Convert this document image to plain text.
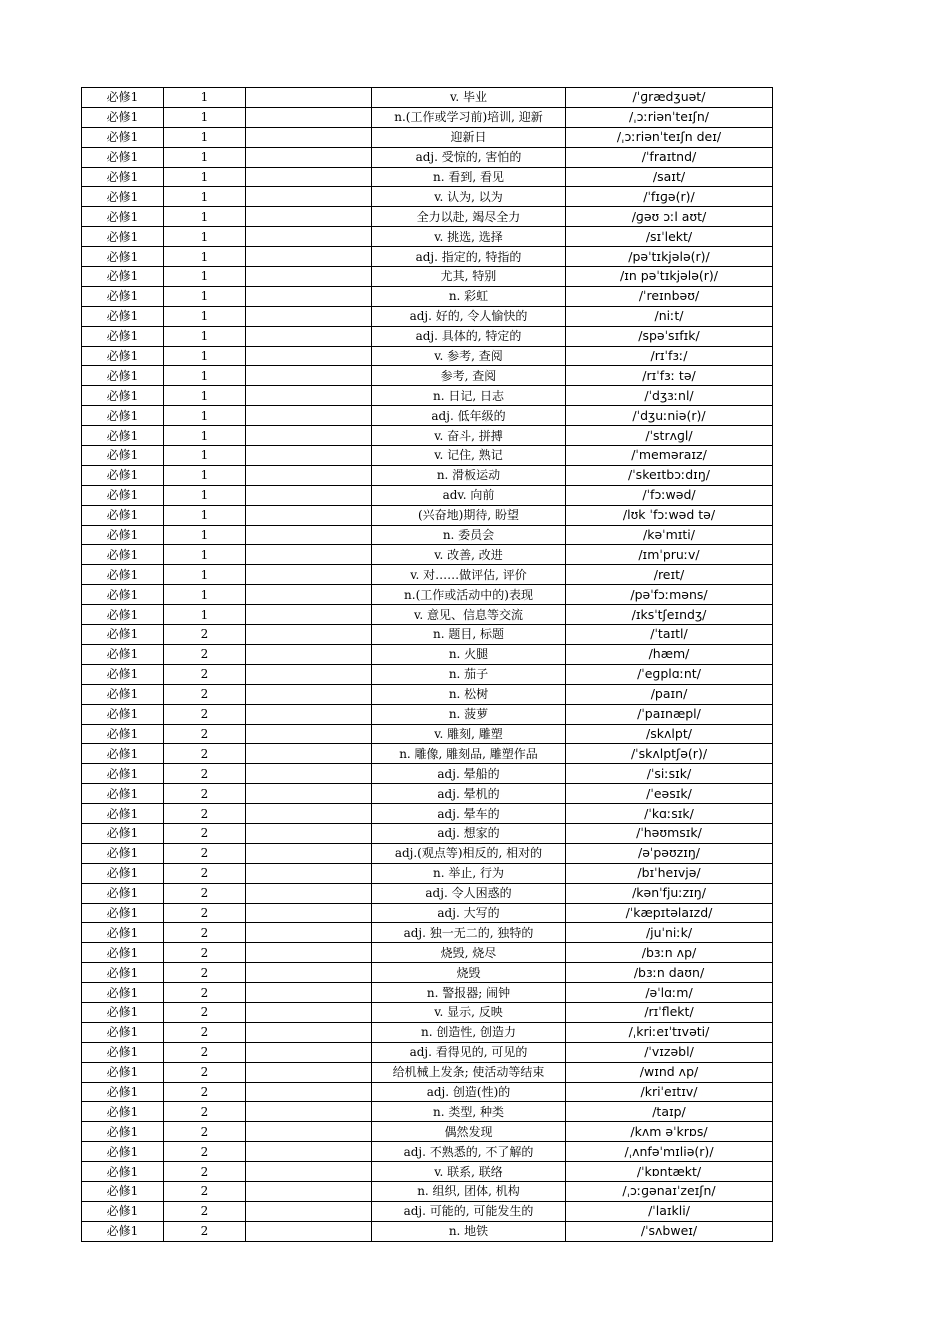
必修1	1		v. 毕业	/ˈɡrædʒuət/
必修1	1		n.(工作或学习前)培训, 迎新	/ˌɔːriənˈteɪʃn/
必修1	1		迎新日	/ˌɔːriənˈteɪʃn deɪ/
必修1	1		adj. 受惊的, 害怕的	/ˈfraɪtnd/
必修1	1		n. 看到, 看见	/saɪt/
必修1	1		v. 认为, 以为	/ˈfɪɡə(r)/
必修1	1		全力以赴, 竭尽全力	/ɡəʊ ɔːl aʊt/
必修1	1		v. 挑选, 选择	/sɪˈlekt/
必修1	1		adj. 指定的, 特指的	/pəˈtɪkjələ(r)/
必修1	1		尤其, 特别	/ɪn pəˈtɪkjələ(r)/
必修1	1		n. 彩虹	/ˈreɪnbəʊ/
必修1	1		adj. 好的, 令人愉快的	/niːt/
必修1	1		adj. 具体的, 特定的	/spəˈsɪfɪk/
必修1	1		v. 参考, 查阅	/rɪˈfɜː/
必修1	1		参考, 查阅	/rɪˈfɜː tə/
必修1	1		n. 日记, 日志	/ˈdʒɜːnl/
必修1	1		adj. 低年级的	/ˈdʒuːniə(r)/
必修1	1		v. 奋斗, 拼搏	/ˈstrʌɡl/
必修1	1		v. 记住, 熟记	/ˈmeməraɪz/
必修1	1		n. 滑板运动	/ˈskeɪtbɔːdɪŋ/
必修1	1		adv. 向前	/ˈfɔːwəd/
必修1	1		(兴奋地)期待, 盼望	/lʊk ˈfɔːwəd tə/
必修1	1		n. 委员会	/kəˈmɪti/
必修1	1		v. 改善, 改进	/ɪmˈpruːv/
必修1	1		v. 对……做评估, 评价	/reɪt/
必修1	1		n.(工作或活动中的)表现	/pəˈfɔːməns/
必修1	1		v. 意见、信息等交流	/ɪksˈtʃeɪndʒ/
必修1	2		n. 题目, 标题	/ˈtaɪtl/
必修1	2		n. 火腿	/hæm/
必修1	2		n. 茄子	/ˈeɡplɑːnt/
必修1	2		n. 松树	/paɪn/
必修1	2		n. 菠萝	/ˈpaɪnæpl/
必修1	2		v. 雕刻, 雕塑	/skʌlpt/
必修1	2		n. 雕像, 雕刻品, 雕塑作品	/ˈskʌlptʃə(r)/
必修1	2		adj. 晕船的	/ˈsiːsɪk/
必修1	2		adj. 晕机的	/ˈeəsɪk/
必修1	2		adj. 晕车的	/ˈkɑːsɪk/
必修1	2		adj. 想家的	/ˈhəʊmsɪk/
必修1	2		adj.(观点等)相反的, 相对的	/əˈpəʊzɪŋ/
必修1	2		n. 举止, 行为	/bɪˈheɪvjə/
必修1	2		adj. 令人困惑的	/kənˈfjuːzɪŋ/
必修1	2		adj. 大写的	/ˈkæpɪtəlaɪzd/
必修1	2		adj. 独一无二的, 独特的	/juˈniːk/
必修1	2		烧毁, 烧尽	/bɜːn ʌp/
必修1	2		烧毁	/bɜːn daʊn/
必修1	2		n. 警报器; 闹钟	/əˈlɑːm/
必修1	2		v. 显示, 反映	/rɪˈflekt/
必修1	2		n. 创造性, 创造力	/ˌkriːeɪˈtɪvəti/
必修1	2		adj. 看得见的, 可见的	/ˈvɪzəbl/
必修1	2		给机械上发条; 使活动等结束	/wɪnd ʌp/
必修1	2		adj. 创造(性)的	/kriˈeɪtɪv/
必修1	2		n. 类型, 种类	/taɪp/
必修1	2		偶然发现	/kʌm əˈkrɒs/
必修1	2		adj. 不熟悉的, 不了解的	/ˌʌnfəˈmɪliə(r)/
必修1	2		v. 联系, 联络	/ˈkɒntækt/
必修1	2		n. 组织, 团体, 机构	/ˌɔːɡənaɪˈzeɪʃn/
必修1	2		adj. 可能的, 可能发生的	/ˈlaɪkli/
必修1	2		n. 地铁	/ˈsʌbweɪ/
